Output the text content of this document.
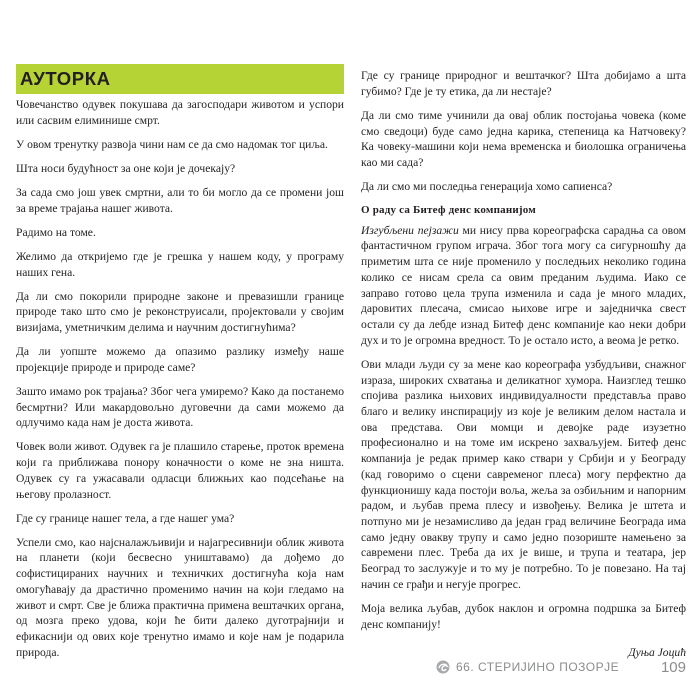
АУТОРКА

Човечанство одувек покушава да загосподари животом и успори или сасвим елиминише смрт.

У овом тренутку развоја чини нам се да смо надомак тог циља.

Шта носи будућност за оне који је дочекају?

За сада смо још увек смртни, али то би могло да се промени још за време трајања нашег живота.

Радимо на томе.

Желимо да откријемо где је грешка у нашем коду, у програму наших гена.

Да ли смо покорили природне законе и превазишли границе природе тако што смо је реконструисали, пројектовали у својим визијама, уметничким делима и научним достигнућима?

Да ли уопште можемо да опазимо разлику између наше пројекције природе и природе саме?

Зашто имамо рок трајања? Због чега умиремо? Како да постанемо бесмртни? Или макардовољно дуговечни да сами можемо да одлучимо када нам је доста живота.

Човек воли живот. Одувек га је плашило старење, проток времена који га приближава понору коначности о коме не зна ништа. Одувек су га ужасавали одласци ближњих као подсећање на његову пролазност.

Где су границе нашег тела, а где нашег ума?

Успели смо, као најсналажљивији и најагресивнији облик живота на планети (који бесвесно уништавамо) да дођемо до софистицираних научних и техничких достигнућа која нам омогућавају да драстично променимо начин на који гледамо на живот и смрт. Све је ближа практична примена вештачких органа, од мозга преко удова, који ће бити далеко дуготрајнији и ефикаснији од ових које тренутно имамо и које нам је подарила природа.

Где су границе природног и вештачког? Шта добијамо а шта губимо? Где је ту етика, да ли нестаје?

Да ли смо тиме учинили да овај облик постојања човека (коме смо сведоци) буде само једна карика, степеница ка Натчовеку? Ка човеку-машини који нема временска и биолошка ограничења као ми сада?

Да ли смо ми последња генерација хомо сапиенса?

О раду са Битеф денс компанијом

Изгубљени пејзажи ми нису прва кореографска сарадња са овом фантастичном групом играча. Због тога могу са сигурношћу да приметим шта се није променило у последњих неколико година колико се нисам срела са овим преданим људима. Иако се заправо готово цела трупа изменила и сада је много младих, даровитих плесача, смисао њихове игре и заједничка свест остали су да лебде изнад Битеф денс компаније као неки добри дух и то је огромна вредност. То је остало исто, а веома је ретко.

Ови млади људи су за мене као кореографа узбудљиви, снажног израза, широких схватања и деликатног хумора. Наизглед тешко спојива разлика њихових индивидуалности представља право благо и велику инспирацију из које је великим делом настала и ова представа. Ови момци и девојке раде изузетно професионално и на томе им искрено захваљујем. Битеф денс компанија је редак пример како ствари у Србији и у Београду (кад говоримо о сцени савременог плеса) могу перфектно да функционишу када постоји воља, жеља за озбиљним и напорним радом, и љубав према плесу и извођењу. Велика је штета и потпуно ми је незамисливо да један град величине Београда има само једну овакву трупу и само једно позориште намењено за савремени плес. Треба да их је више, и трупа и театара, јер Београд то заслужује и то му је потребно. То је повезано. На тај начин се грађи и негује прогрес.

Моја велика љубав, дубок наклон и огромна подршка за Битеф денс компанију!

Дуња Јоцић
66. СТЕРИЈИНО ПОЗОРЈЕ	109
